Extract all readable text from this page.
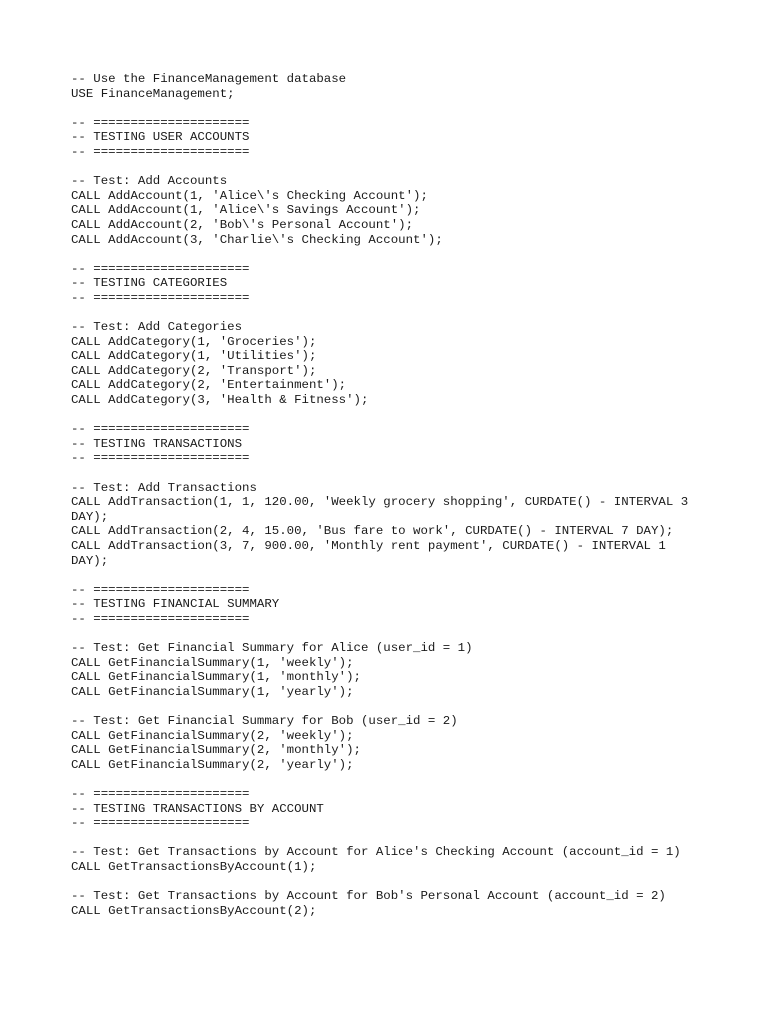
-- Use the FinanceManagement database
USE FinanceManagement;
-- =====================
-- TESTING USER ACCOUNTS
-- =====================
-- Test: Add Accounts
CALL AddAccount(1, 'Alice\'s Checking Account');
CALL AddAccount(1, 'Alice\'s Savings Account');
CALL AddAccount(2, 'Bob\'s Personal Account');
CALL AddAccount(3, 'Charlie\'s Checking Account');
-- =====================
-- TESTING CATEGORIES
-- =====================
-- Test: Add Categories
CALL AddCategory(1, 'Groceries');
CALL AddCategory(1, 'Utilities');
CALL AddCategory(2, 'Transport');
CALL AddCategory(2, 'Entertainment');
CALL AddCategory(3, 'Health & Fitness');
-- =====================
-- TESTING TRANSACTIONS
-- =====================
-- Test: Add Transactions
CALL AddTransaction(1, 1, 120.00, 'Weekly grocery shopping', CURDATE() - INTERVAL 3
DAY);
CALL AddTransaction(2, 4, 15.00, 'Bus fare to work', CURDATE() - INTERVAL 7 DAY);
CALL AddTransaction(3, 7, 900.00, 'Monthly rent payment', CURDATE() - INTERVAL 1
DAY);
-- =====================
-- TESTING FINANCIAL SUMMARY
-- =====================
-- Test: Get Financial Summary for Alice (user_id = 1)
CALL GetFinancialSummary(1, 'weekly');
CALL GetFinancialSummary(1, 'monthly');
CALL GetFinancialSummary(1, 'yearly');
-- Test: Get Financial Summary for Bob (user_id = 2)
CALL GetFinancialSummary(2, 'weekly');
CALL GetFinancialSummary(2, 'monthly');
CALL GetFinancialSummary(2, 'yearly');
-- =====================
-- TESTING TRANSACTIONS BY ACCOUNT
-- =====================
-- Test: Get Transactions by Account for Alice's Checking Account (account_id = 1)
CALL GetTransactionsByAccount(1);
-- Test: Get Transactions by Account for Bob's Personal Account (account_id = 2)
CALL GetTransactionsByAccount(2);
